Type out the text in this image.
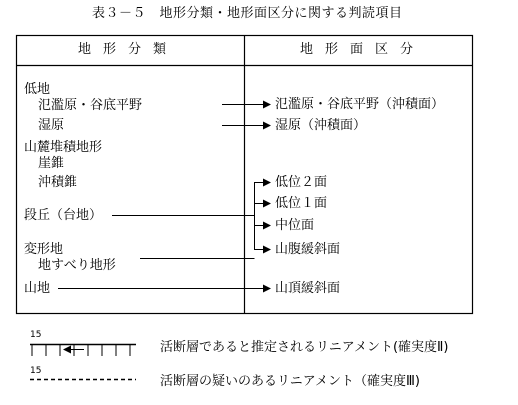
表３－５　地形分類・地形面区分に関する判読項目
地形分類	地形面区分
低地
氾濫原・谷底平野
湿原
山麓堆積地形
崖錐
沖積錐
段丘（台地）
変形地
地すべり地形
山地
氾濫原・谷底平野（沖積面）
湿原（沖積面）
低位２面
低位１面
中位面
山腹緩斜面
山頂緩斜面
15
活断層であると推定されるリニアメント(確実度Ⅱ)
15
活断層の疑いのあるリニアメント（確実度Ⅲ)
